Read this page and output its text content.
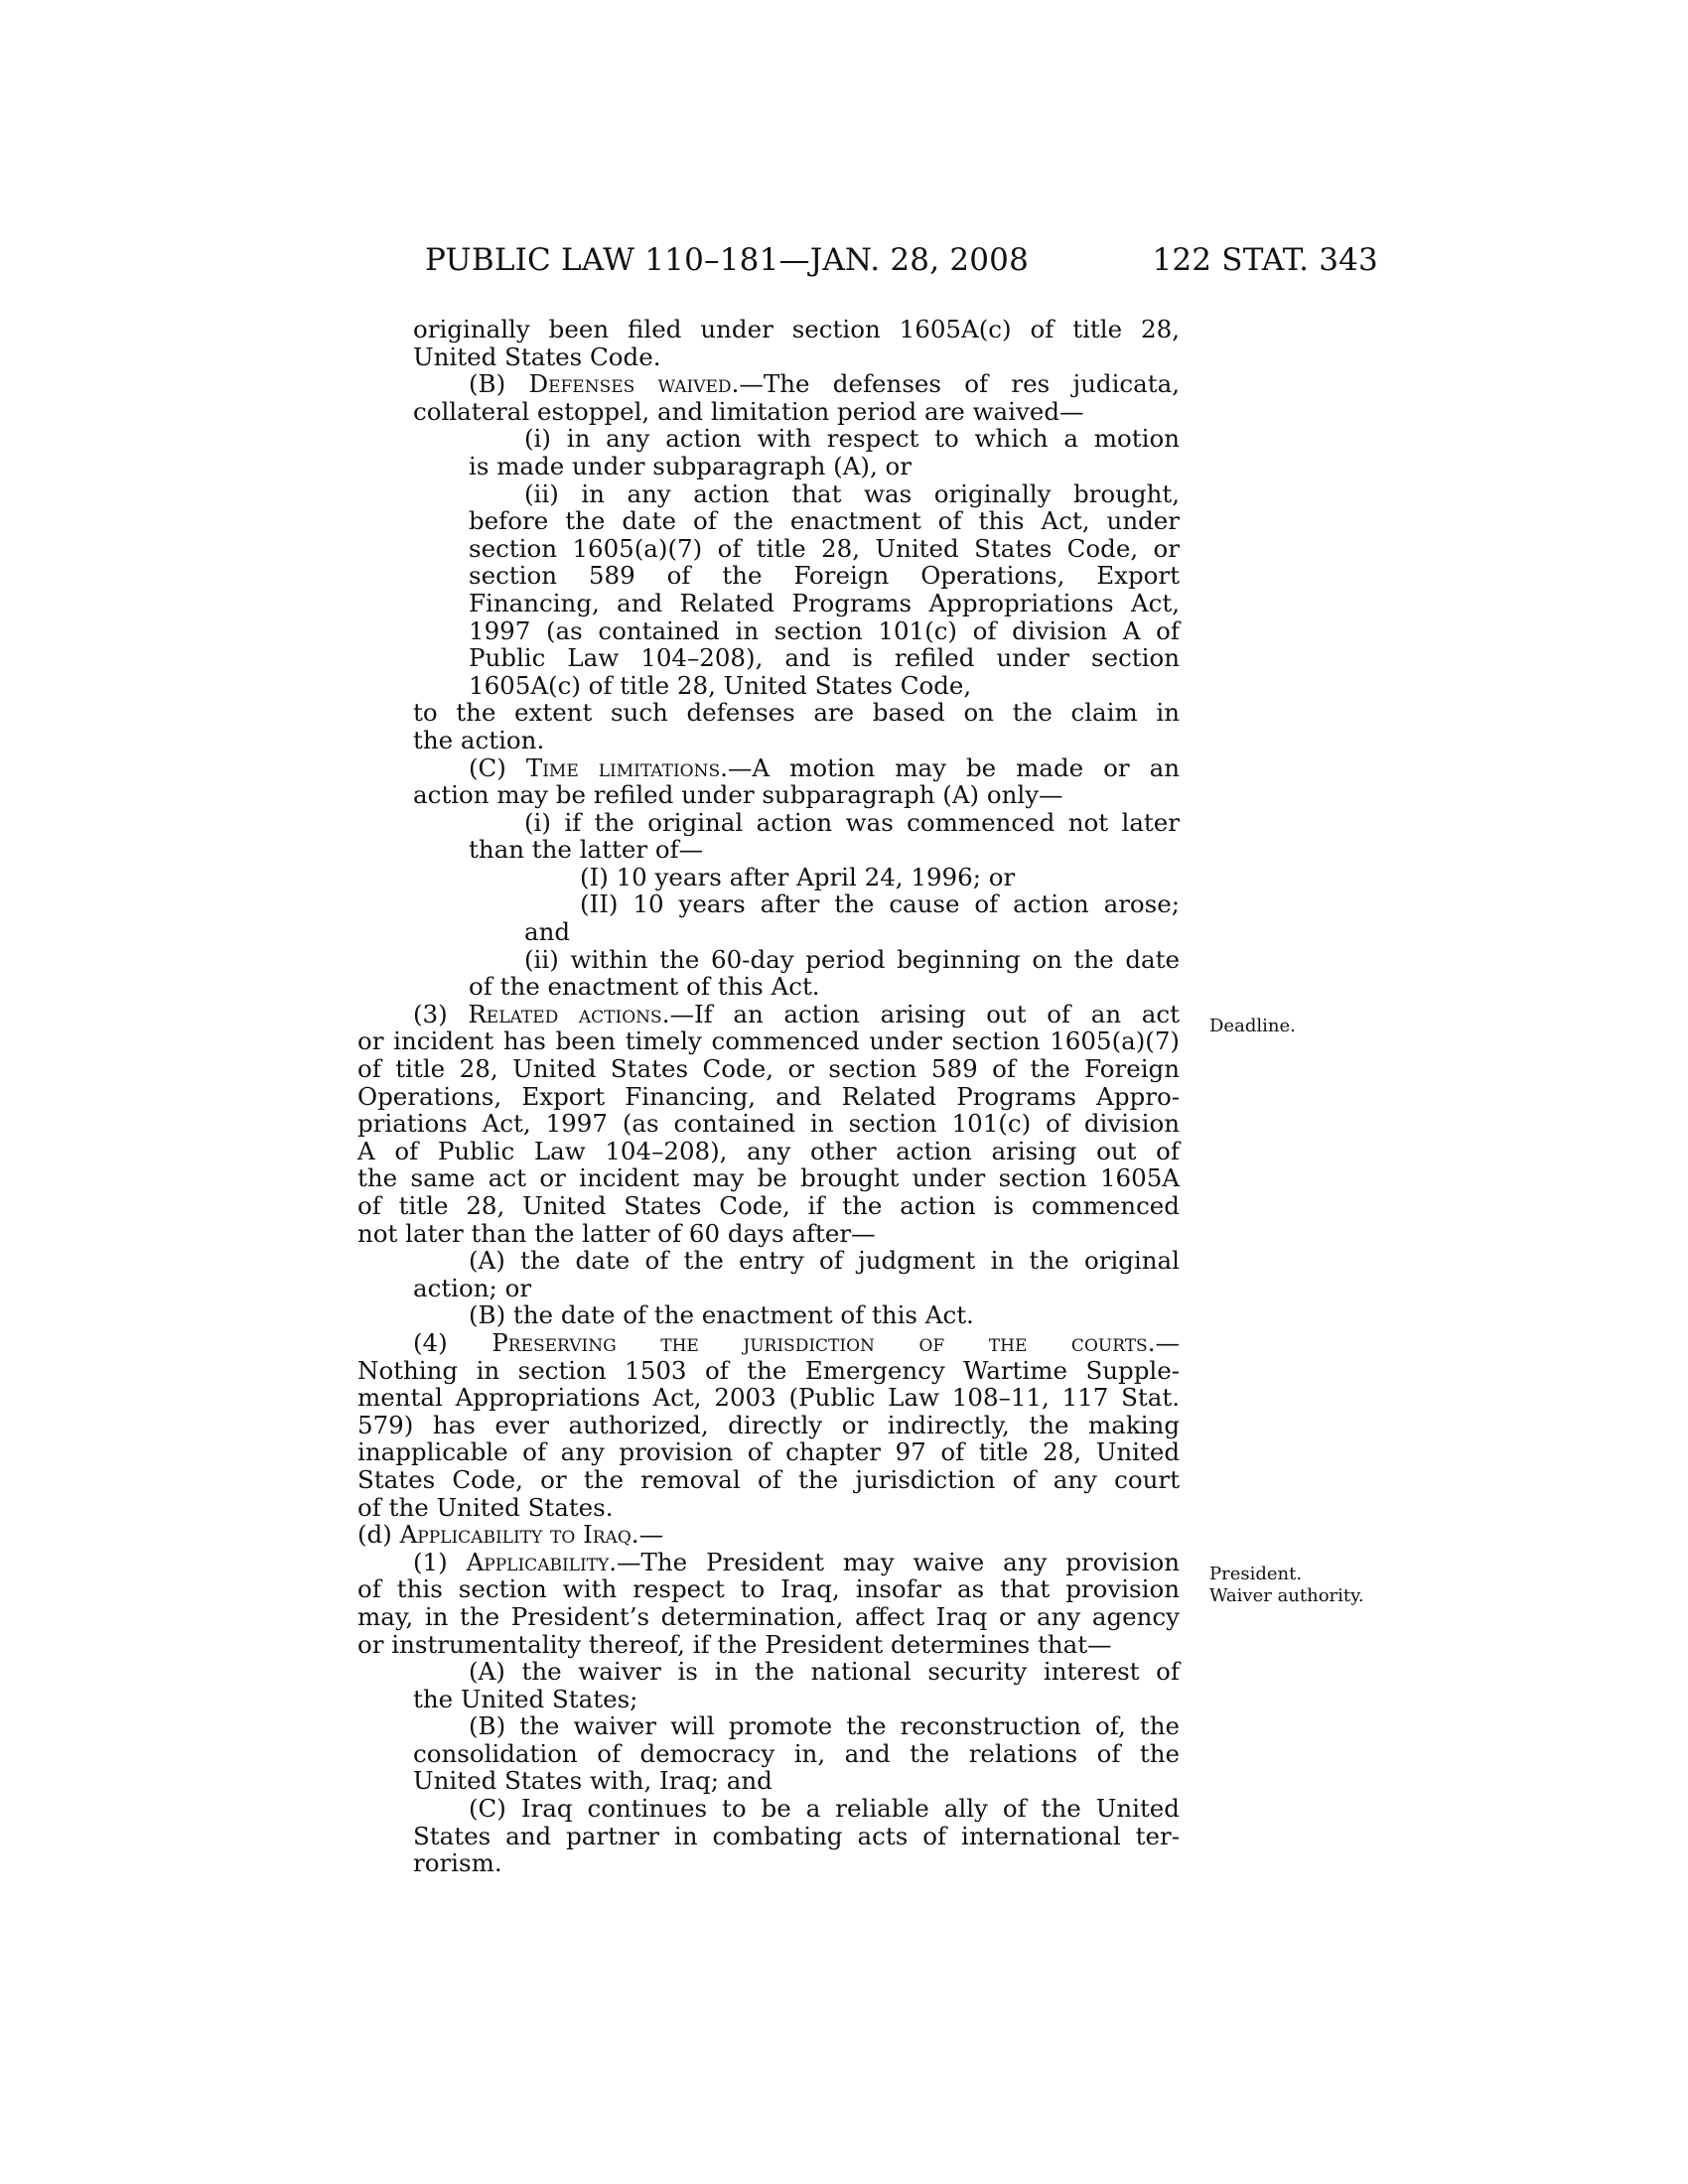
PUBLIC LAW 110–181—JAN. 28, 2008	122 STAT. 343

originally been filed under section 1605A(c) of title 28,

United States Code.

(B) Defenses waived.—The defenses of res judicata,

collateral estoppel, and limitation period are waived—

(i) in any action with respect to which a motion

is made under subparagraph (A), or

(ii) in any action that was originally brought,

before the date of the enactment of this Act, under

section 1605(a)(7) of title 28, United States Code, or

section 589 of the Foreign Operations, Export

Financing, and Related Programs Appropriations Act,

1997 (as contained in section 101(c) of division A of

Public Law 104–208), and is refiled under section

1605A(c) of title 28, United States Code,

to the extent such defenses are based on the claim in

the action.

(C) Time limitations.—A motion may be made or an

action may be refiled under subparagraph (A) only—

(i) if the original action was commenced not later

than the latter of—

(I) 10 years after April 24, 1996; or

(II) 10 years after the cause of action arose;

and

(ii) within the 60-day period beginning on the date

of the enactment of this Act.

(3) Related actions.—If an action arising out of an act

or incident has been timely commenced under section 1605(a)(7)

of title 28, United States Code, or section 589 of the Foreign

Operations, Export Financing, and Related Programs Appro-

priations Act, 1997 (as contained in section 101(c) of division

A of Public Law 104–208), any other action arising out of

the same act or incident may be brought under section 1605A

of title 28, United States Code, if the action is commenced

not later than the latter of 60 days after—

(A) the date of the entry of judgment in the original

action; or

(B) the date of the enactment of this Act.

(4) Preserving the jurisdiction of the courts.—

Nothing in section 1503 of the Emergency Wartime Supple-

mental Appropriations Act, 2003 (Public Law 108–11, 117 Stat.

579) has ever authorized, directly or indirectly, the making

inapplicable of any provision of chapter 97 of title 28, United

States Code, or the removal of the jurisdiction of any court

of the United States.

(d) Applicability to Iraq.—

(1) Applicability.—The President may waive any provision

of this section with respect to Iraq, insofar as that provision

may, in the President’s determination, affect Iraq or any agency

or instrumentality thereof, if the President determines that—

(A) the waiver is in the national security interest of

the United States;

(B) the waiver will promote the reconstruction of, the

consolidation of democracy in, and the relations of the

United States with, Iraq; and

(C) Iraq continues to be a reliable ally of the United

States and partner in combating acts of international ter-

rorism.

Deadline.
President.
Waiver authority.
